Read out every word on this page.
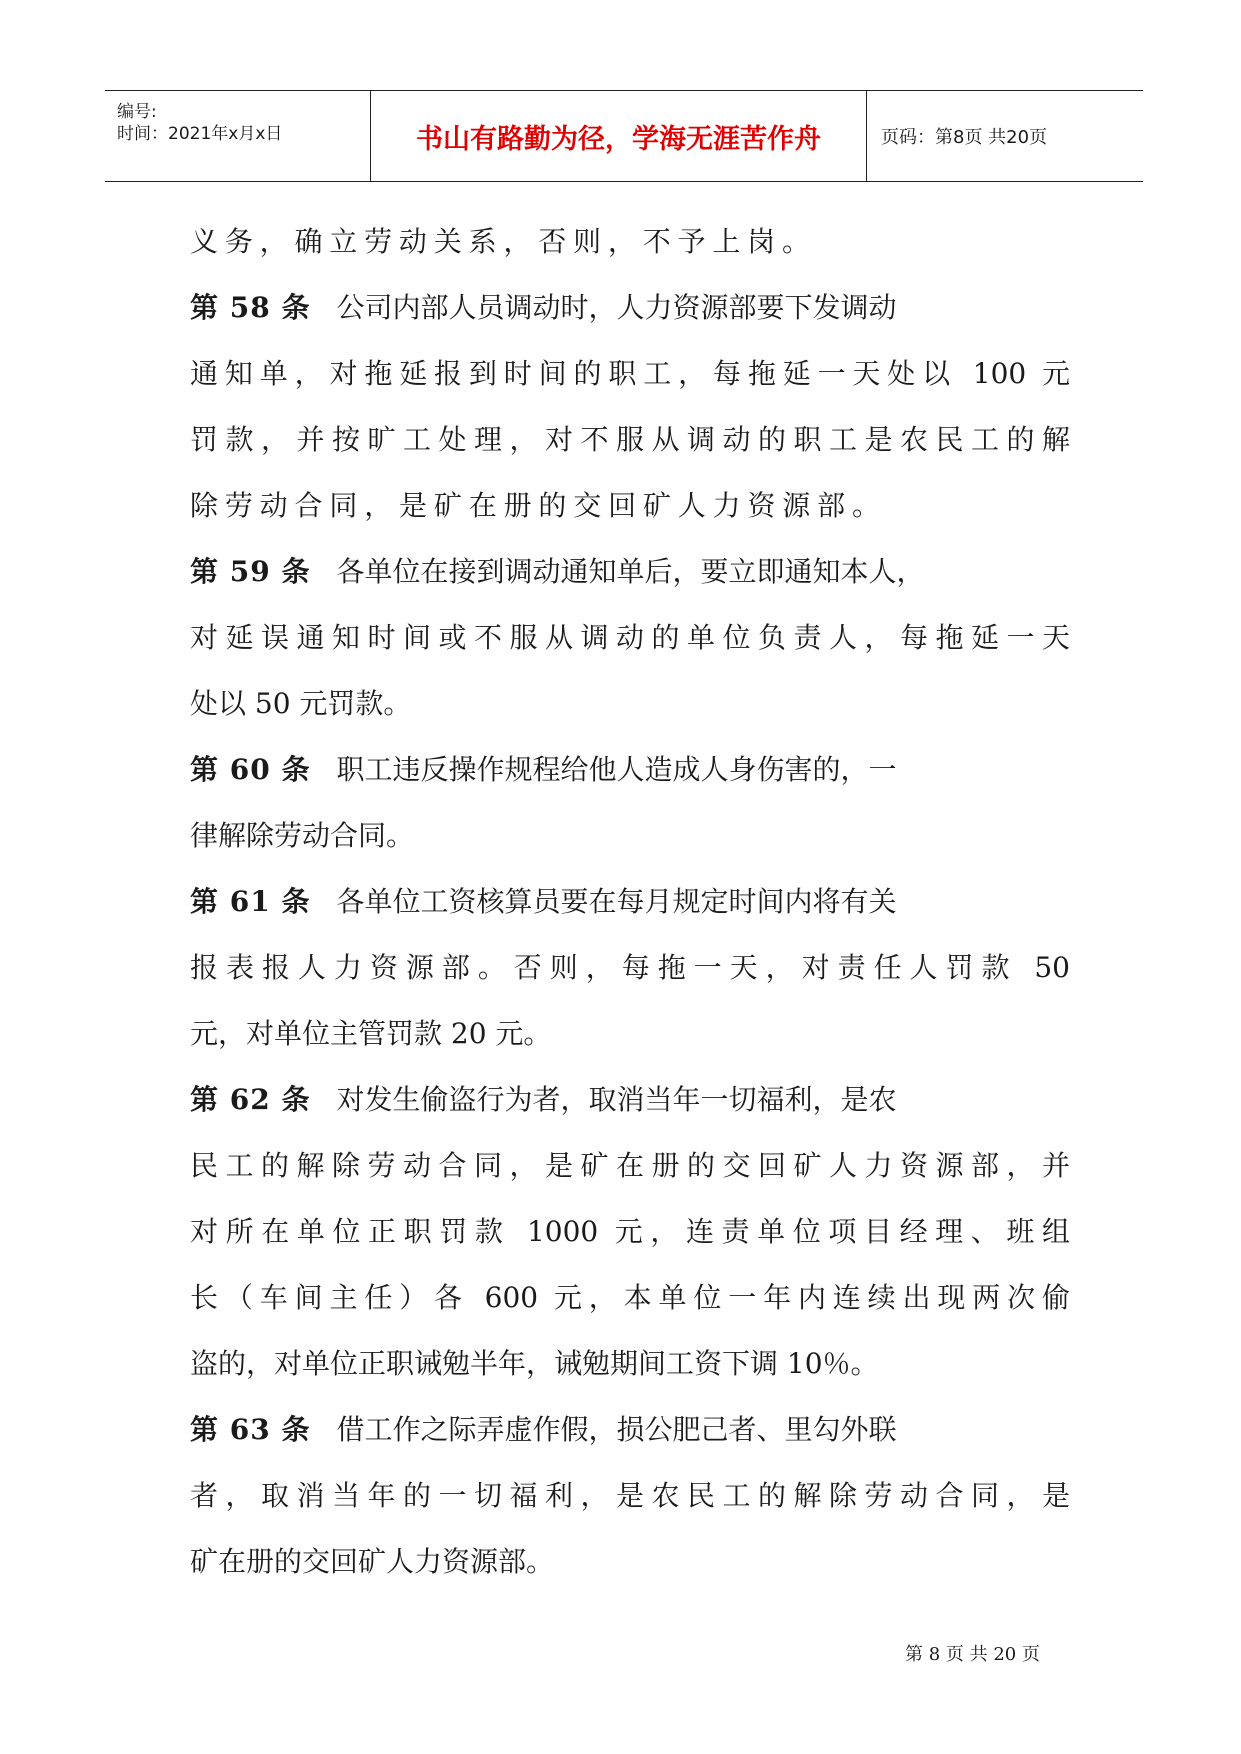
编号:
时间：2021年x月x日	书山有路勤为径，学海无涯苦作舟	页码：第8页 共20页
义务，确立劳动关系，否则，不予上岗。
第 58 条 公司内部人员调动时，人力资源部要下发调动
通知单，对拖延报到时间的职工，每拖延一天处以 100 元
罚款，并按旷工处理，对不服从调动的职工是农民工的解
除劳动合同，是矿在册的交回矿人力资源部。
第 59 条 各单位在接到调动通知单后，要立即通知本人，
对延误通知时间或不服从调动的单位负责人，每拖延一天
处以 50 元罚款。
第 60 条 职工违反操作规程给他人造成人身伤害的，一
律解除劳动合同。
第 61 条 各单位工资核算员要在每月规定时间内将有关
报表报人力资源部。否则，每拖一天，对责任人罚款 50
元，对单位主管罚款 20 元。
第 62 条 对发生偷盗行为者，取消当年一切福利，是农
民工的解除劳动合同，是矿在册的交回矿人力资源部，并
对所在单位正职罚款 1000 元，连责单位项目经理、班组
长（车间主任）各 600 元，本单位一年内连续出现两次偷
盗的，对单位正职诫勉半年，诫勉期间工资下调 10％。
第 63 条 借工作之际弄虚作假，损公肥己者、里勾外联
者，取消当年的一切福利，是农民工的解除劳动合同，是
矿在册的交回矿人力资源部。
第 8 页 共 20 页
